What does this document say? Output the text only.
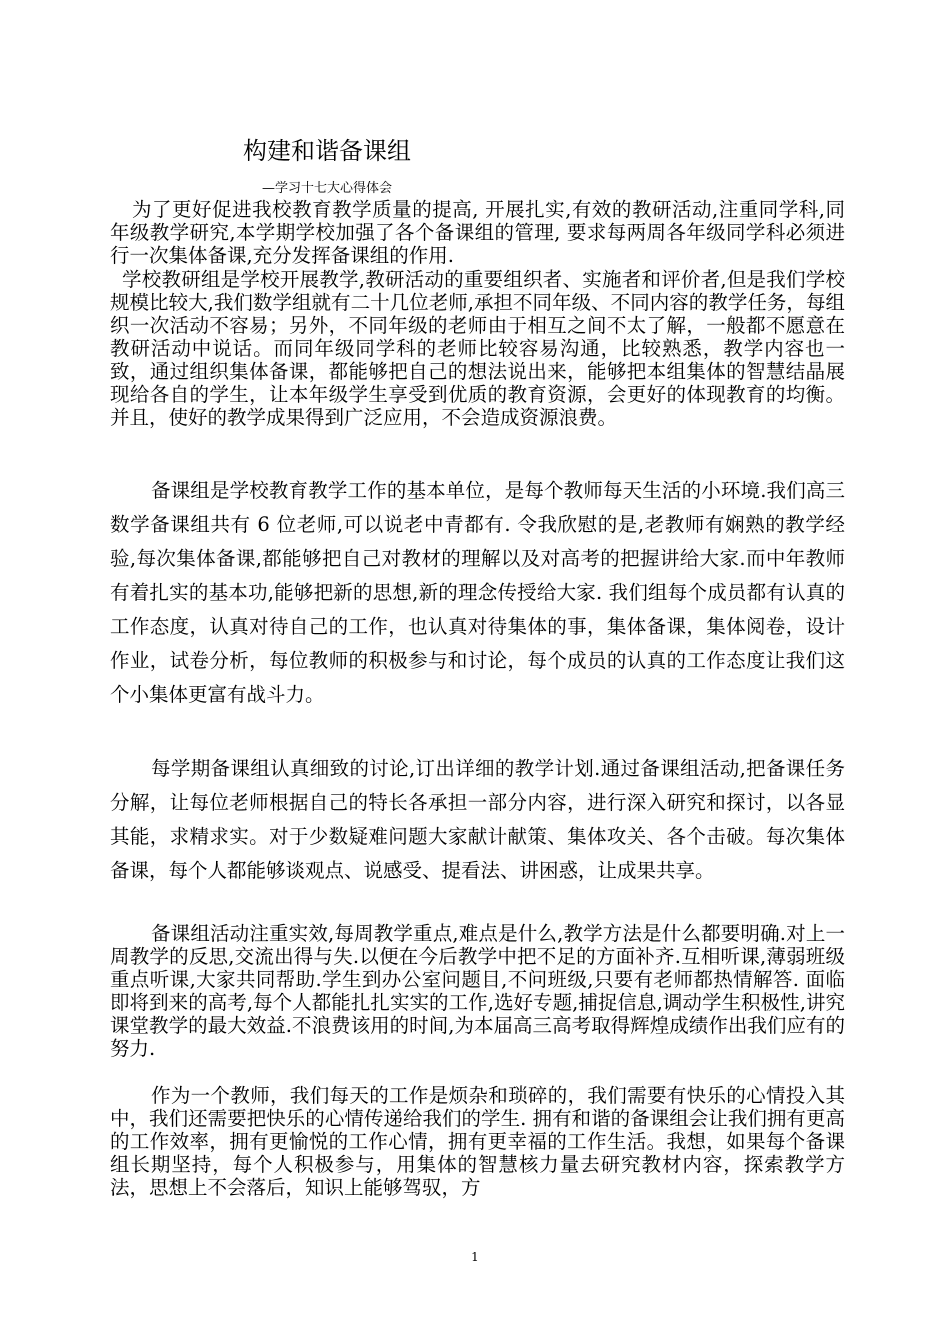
构建和谐备课组
—学习十七大心得体会

为了更好促进我校教育教学质量的提高, 开展扎实,有效的教研活动,注重同学科,同年级教学研究,本学期学校加强了各个备课组的管理, 要求每两周各年级同学科必须进行一次集体备课,充分发挥备课组的作用.

学校教研组是学校开展教学,教研活动的重要组织者、实施者和评价者,但是我们学校规模比较大,我们数学组就有二十几位老师,承担不同年级、不同内容的教学任务，每组织一次活动不容易；另外，不同年级的老师由于相互之间不太了解，一般都不愿意在教研活动中说话。而同年级同学科的老师比较容易沟通，比较熟悉，教学内容也一致，通过组织集体备课，都能够把自己的想法说出来，能够把本组集体的智慧结晶展现给各自的学生，让本年级学生享受到优质的教育资源，会更好的体现教育的均衡。并且，使好的教学成果得到广泛应用，不会造成资源浪费。

备课组是学校教育教学工作的基本单位，是每个教师每天生活的小环境.我们高三数学备课组共有 6 位老师,可以说老中青都有. 令我欣慰的是,老教师有娴熟的教学经验,每次集体备课,都能够把自己对教材的理解以及对高考的把握讲给大家.而中年教师有着扎实的基本功,能够把新的思想,新的理念传授给大家. 我们组每个成员都有认真的工作态度，认真对待自己的工作，也认真对待集体的事，集体备课，集体阅卷，设计作业，试卷分析，每位教师的积极参与和讨论，每个成员的认真的工作态度让我们这个小集体更富有战斗力。

每学期备课组认真细致的讨论,订出详细的教学计划.通过备课组活动,把备课任务分解，让每位老师根据自己的特长各承担一部分内容，进行深入研究和探讨，以各显其能，求精求实。对于少数疑难问题大家献计献策、集体攻关、各个击破。每次集体备课，每个人都能够谈观点、说感受、提看法、讲困惑，让成果共享。

备课组活动注重实效,每周教学重点,难点是什么,教学方法是什么都要明确.对上一周教学的反思,交流出得与失.以便在今后教学中把不足的方面补齐.互相听课,薄弱班级重点听课,大家共同帮助.学生到办公室问题目,不问班级,只要有老师都热情解答. 面临即将到来的高考,每个人都能扎扎实实的工作,选好专题,捕捉信息,调动学生积极性,讲究课堂教学的最大效益.不浪费该用的时间,为本届高三高考取得辉煌成绩作出我们应有的努力.

作为一个教师，我们每天的工作是烦杂和琐碎的，我们需要有快乐的心情投入其中，我们还需要把快乐的心情传递给我们的学生. 拥有和谐的备课组会让我们拥有更高的工作效率，拥有更愉悦的工作心情，拥有更幸福的工作生活。我想，如果每个备课组长期坚持，每个人积极参与，用集体的智慧核力量去研究教材内容，探索教学方法，思想上不会落后，知识上能够驾驭，方

1
